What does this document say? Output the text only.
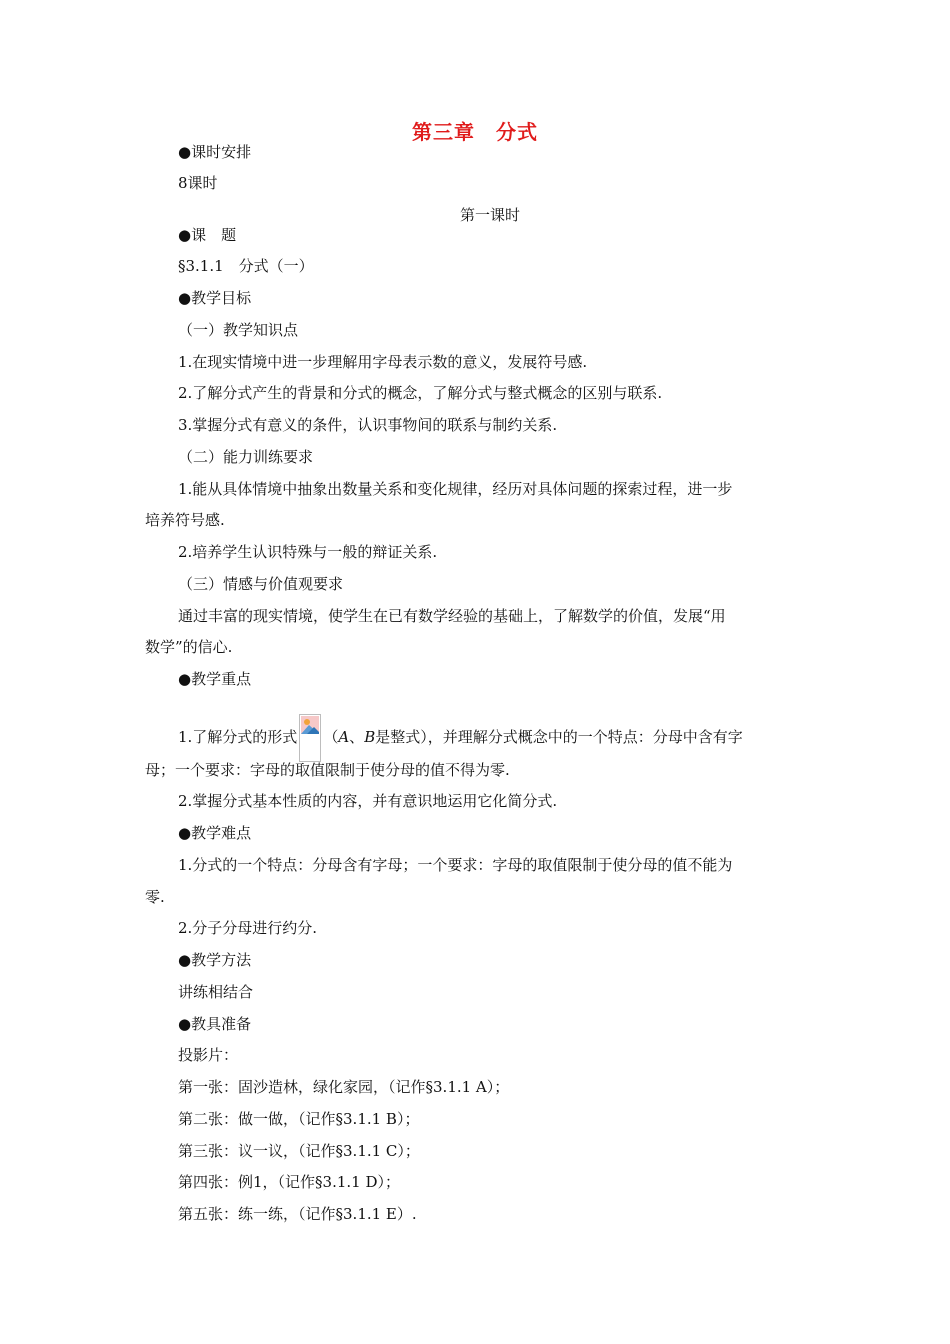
第三章　分式
●课时安排
8课时
第一课时
●课　题
§3.1.1　分式（一）
●教学目标
（一）教学知识点
1.在现实情境中进一步理解用字母表示数的意义，发展符号感.
2.了解分式产生的背景和分式的概念，了解分式与整式概念的区别与联系.
3.掌握分式有意义的条件，认识事物间的联系与制约关系.
（二）能力训练要求
1.能从具体情境中抽象出数量关系和变化规律，经历对具体问题的探索过程，进一步
培养符号感.
2.培养学生认识特殊与一般的辩证关系.
（三）情感与价值观要求
通过丰富的现实情境，使学生在已有数学经验的基础上，了解数学的价值，发展“用
数学”的信心.
●教学重点
1.了解分式的形式 （A、B是整式），并理解分式概念中的一个特点：分母中含有字
母；一个要求：字母的取值限制于使分母的值不得为零.
2.掌握分式基本性质的内容，并有意识地运用它化简分式.
●教学难点
1.分式的一个特点：分母含有字母；一个要求：字母的取值限制于使分母的值不能为
零.
2.分子分母进行约分.
●教学方法
讲练相结合
●教具准备
投影片：
第一张：固沙造林，绿化家园，（记作§3.1.1 A）；
第二张：做一做，（记作§3.1.1 B）；
第三张：议一议，（记作§3.1.1 C）；
第四张：例1，（记作§3.1.1 D）；
第五张：练一练，（记作§3.1.1 E）.
